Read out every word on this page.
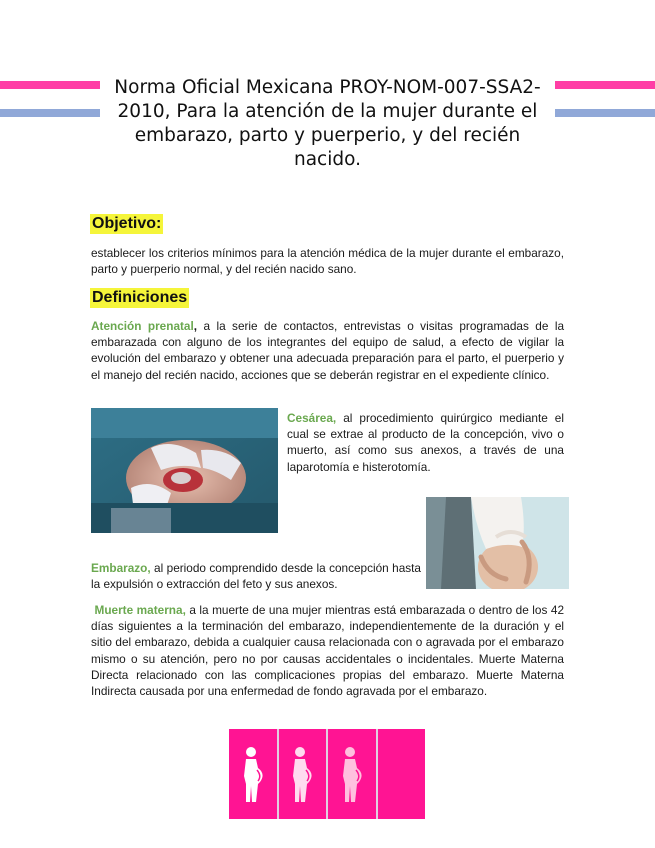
Norma Oficial Mexicana PROY-NOM-007-SSA2-2010, Para la atención de la mujer durante el embarazo, parto y puerperio, y del recién nacido.
Objetivo:

establecer los criterios mínimos para la atención médica de la mujer durante el embarazo, parto y puerperio normal, y del recién nacido sano.

Definiciones

Atención prenatal, a la serie de contactos, entrevistas o visitas programadas de la embarazada con alguno de los integrantes del equipo de salud, a efecto de vigilar la evolución del embarazo y obtener una adecuada preparación para el parto, el puerperio y el manejo del recién nacido, acciones que se deberán registrar en el expediente clínico.

Cesárea, al procedimiento quirúrgico mediante el cual se extrae al producto de la concepción, vivo o muerto, así como sus anexos, a través de una laparotomía e histerotomía.

Embarazo, al periodo comprendido desde la concepción hasta la expulsión o extracción del feto y sus anexos.

Muerte materna, a la muerte de una mujer mientras está embarazada o dentro de los 42 días siguientes a la terminación del embarazo, independientemente de la duración y el sitio del embarazo, debida a cualquier causa relacionada con o agravada por el embarazo mismo o su atención, pero no por causas accidentales o incidentales. Muerte Materna Directa relacionado con las complicaciones propias del embarazo. Muerte Materna Indirecta causada por una enfermedad de fondo agravada por el embarazo.
